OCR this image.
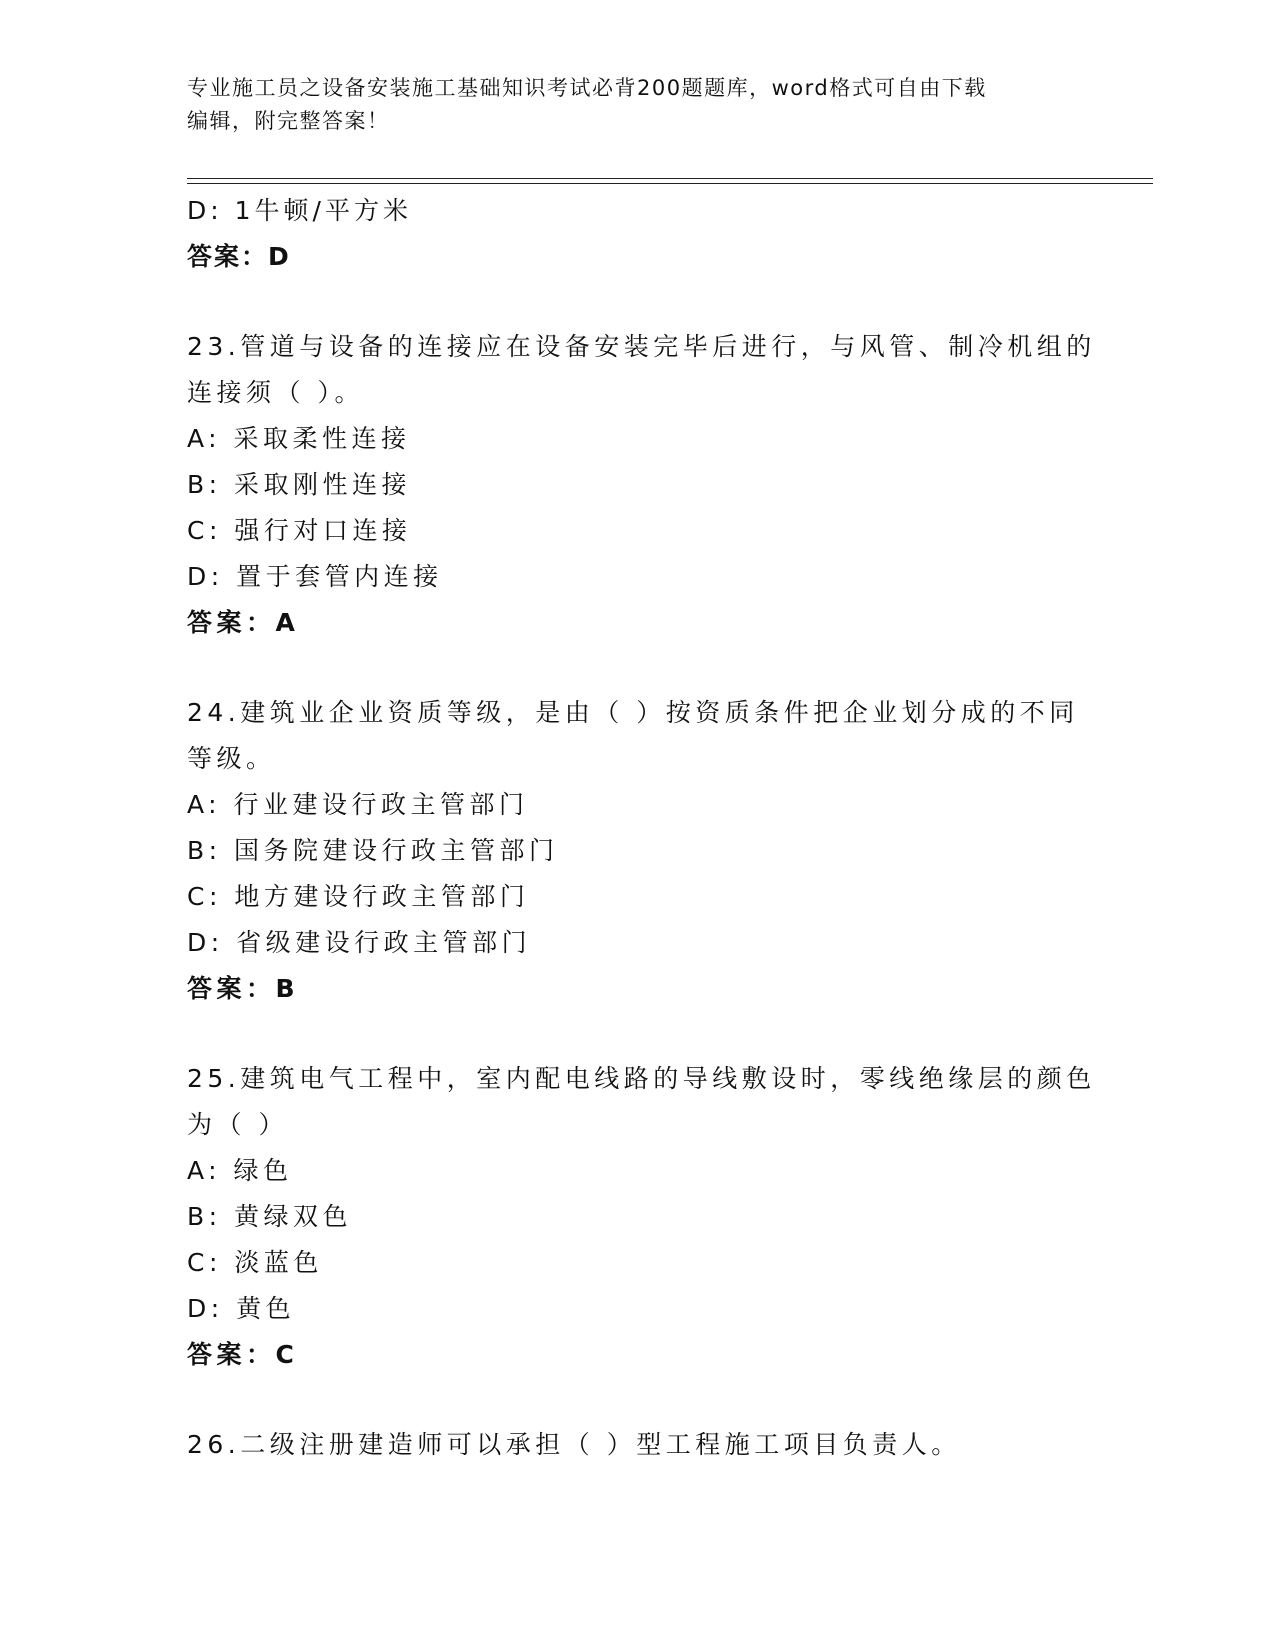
专业施工员之设备安装施工基础知识考试必背200题题库，word格式可自由下载
编辑，附完整答案！
D: 1牛顿/平方米
答案：D
23.管道与设备的连接应在设备安装完毕后进行，与风管、制冷机组的
连接须（ ）。
A: 采取柔性连接
B: 采取刚性连接
C: 强行对口连接
D: 置于套管内连接
答案：A
24.建筑业企业资质等级，是由（ ）按资质条件把企业划分成的不同
等级。
A: 行业建设行政主管部门
B: 国务院建设行政主管部门
C: 地方建设行政主管部门
D: 省级建设行政主管部门
答案：B
25.建筑电气工程中，室内配电线路的导线敷设时，零线绝缘层的颜色
为（ ）
A: 绿色
B: 黄绿双色
C: 淡蓝色
D: 黄色
答案：C
26.二级注册建造师可以承担（ ）型工程施工项目负责人。
